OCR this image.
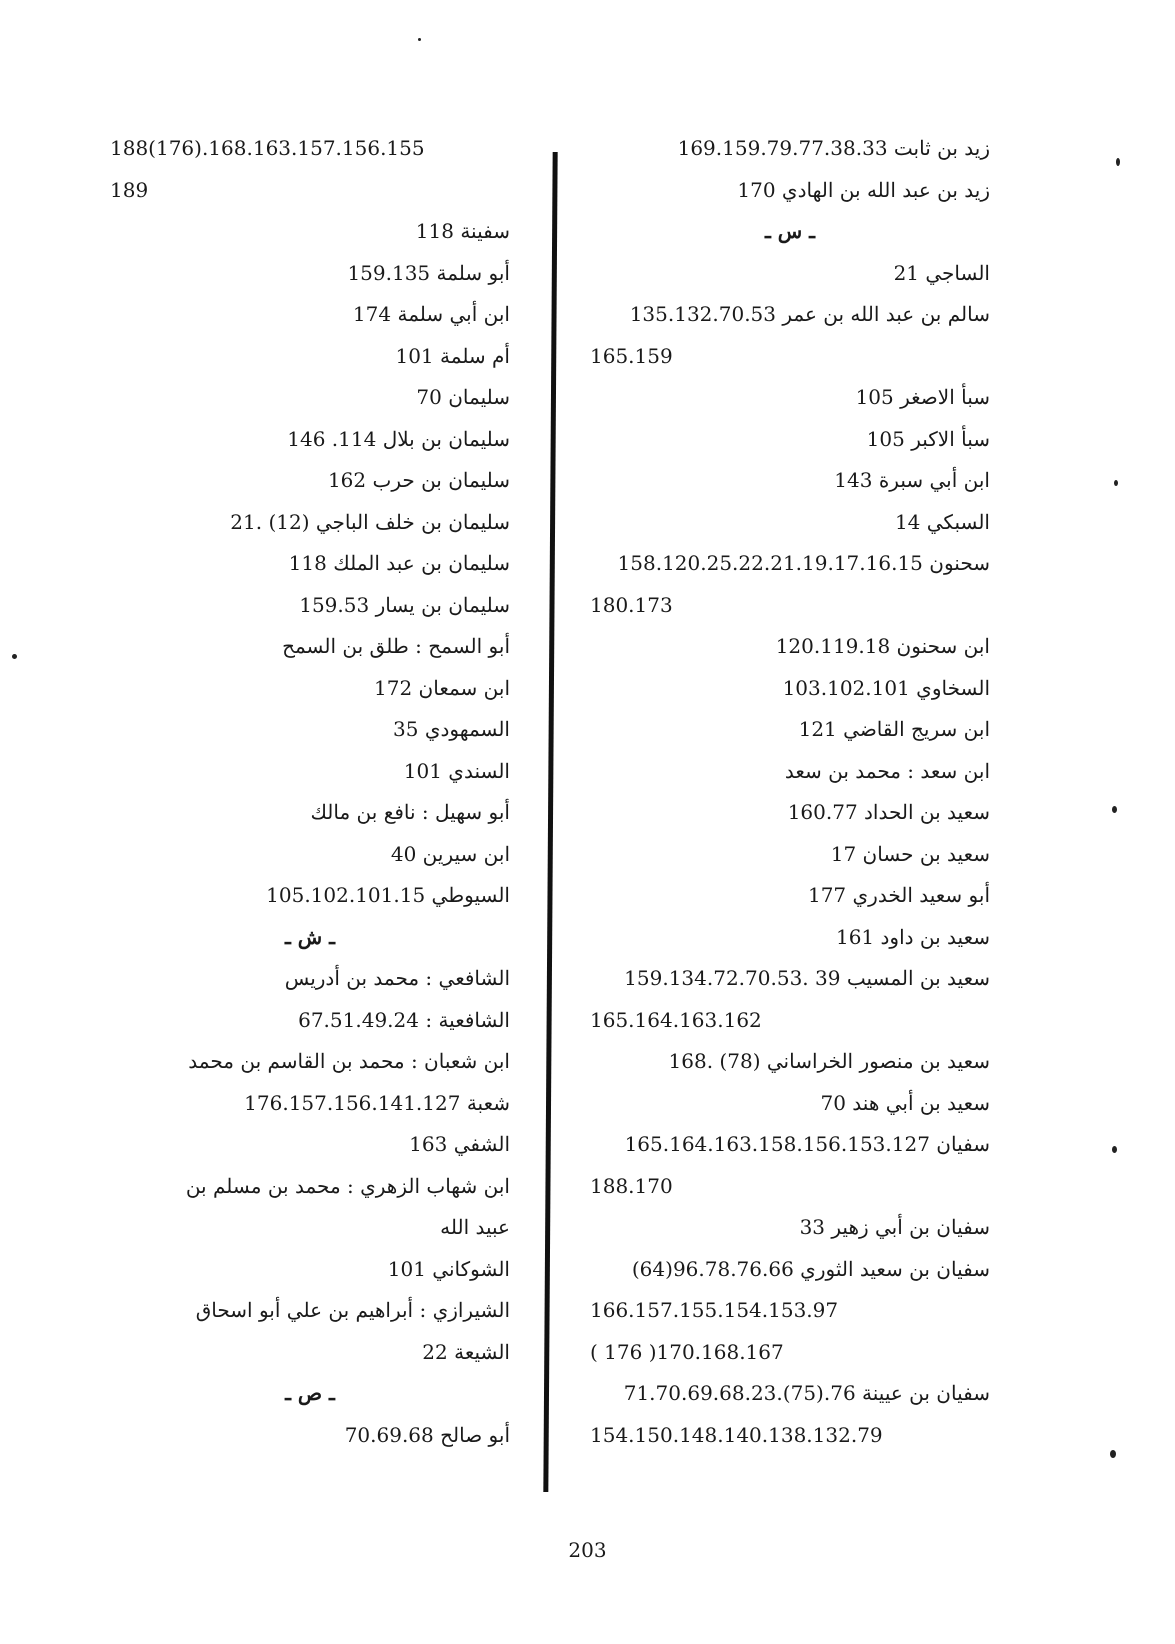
زيد بن ثابت 169.159.79.77.38.33
زيد بن عبد الله بن الهادي 170
ـ س ـ
الساجي 21
سالم بن عبد الله بن عمر 135.132.70.53
165.159
سبأ الاصغر 105
سبأ الاكبر 105
ابن أبي سبرة 143
السبكي 14
سحنون 158.120.25.22.21.19.17.16.15
180.173
ابن سحنون 120.119.18
السخاوي 103.102.101
ابن سريج القاضي 121
ابن سعد : محمد بن سعد
سعيد بن الحداد 160.77
سعيد بن حسان 17
أبو سعيد الخدري 177
سعيد بن داود 161
سعيد بن المسيب 39 .159.134.72.70.53
165.164.163.162
سعيد بن منصور الخراساني (78) .168
سعيد بن أبي هند 70
سفيان 165.164.163.158.156.153.127
188.170
سفيان بن أبي زهير 33
سفيان بن سعيد الثوري 96.78.76.66(64)
166.157.155.154.153.97
( 176 )170.168.167
سفيان بن عيينة 76.(75).71.70.69.68.23
154.150.148.140.138.132.79
188(176).168.163.157.156.155
189
سفينة 118
أبو سلمة 159.135
ابن أبي سلمة 174
أم سلمة 101
سليمان 70
سليمان بن بلال 114. 146
سليمان بن حرب 162
سليمان بن خلف الباجي (12) .21
سليمان بن عبد الملك 118
سليمان بن يسار 159.53
أبو السمح : طلق بن السمح
ابن سمعان 172
السمهودي 35
السندي 101
أبو سهيل : نافع بن مالك
ابن سيرين 40
السيوطي 105.102.101.15
ـ ش ـ
الشافعي : محمد بن أدريس
الشافعية : 67.51.49.24
ابن شعبان : محمد بن القاسم بن محمد
شعبة 176.157.156.141.127
الشفي 163
ابن شهاب الزهري : محمد بن مسلم بن
عبيد الله
الشوكاني 101
الشيرازي : أبراهيم بن علي أبو اسحاق
الشيعة 22
ـ ص ـ
أبو صالح 70.69.68
203
